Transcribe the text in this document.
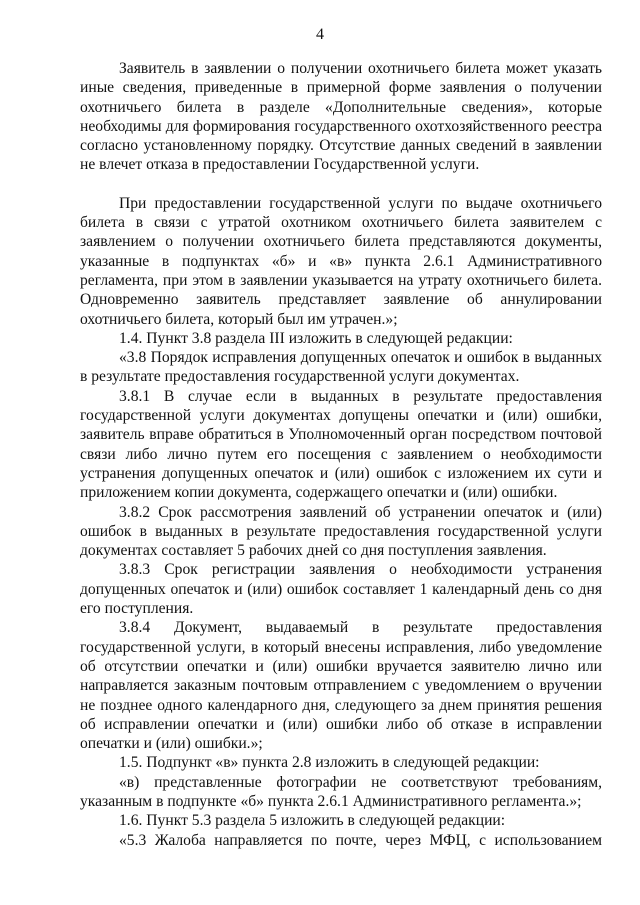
4

Заявитель в заявлении о получении охотничьего билета может указать иные сведения, приведенные в примерной форме заявления о получении охотничьего билета в разделе «Дополнительные сведения», которые необходимы для формирования государственного охотхозяйственного реестра согласно установленному порядку. Отсутствие данных сведений в заявлении не влечет отказа в предоставлении Государственной услуги.

При предоставлении государственной услуги по выдаче охотничьего билета в связи с утратой охотником охотничьего билета заявителем с заявлением о получении охотничьего билета представляются документы, указанные в подпунктах «б» и «в» пункта 2.6.1 Административного регламента, при этом в заявлении указывается на утрату охотничьего билета. Одновременно заявитель представляет заявление об аннулировании охотничьего билета, который был им утрачен.»;

1.4. Пункт 3.8 раздела III изложить в следующей редакции:

«3.8 Порядок исправления допущенных опечаток и ошибок в выданных в результате предоставления государственной услуги документах.

3.8.1 В случае если в выданных в результате предоставления государственной услуги документах допущены опечатки и (или) ошибки, заявитель вправе обратиться в Уполномоченный орган посредством почтовой связи либо лично путем его посещения с заявлением о необходимости устранения допущенных опечаток и (или) ошибок с изложением их сути и приложением копии документа, содержащего опечатки и (или) ошибки.

3.8.2 Срок рассмотрения заявлений об устранении опечаток и (или) ошибок в выданных в результате предоставления государственной услуги документах составляет 5 рабочих дней со дня поступления заявления.

3.8.3 Срок регистрации заявления о необходимости устранения допущенных опечаток и (или) ошибок составляет 1 календарный день со дня его поступления.

3.8.4 Документ, выдаваемый в результате предоставления государственной услуги, в который внесены исправления, либо уведомление об отсутствии опечатки и (или) ошибки вручается заявителю лично или направляется заказным почтовым отправлением с уведомлением о вручении не позднее одного календарного дня, следующего за днем принятия решения об исправлении опечатки и (или) ошибки либо об отказе в исправлении опечатки и (или) ошибки.»;

1.5. Подпункт «в» пункта 2.8 изложить в следующей редакции:

«в) представленные фотографии не соответствуют требованиям, указанным в подпункте «б» пункта 2.6.1 Административного регламента.»;

1.6. Пункт 5.3 раздела 5 изложить в следующей редакции:

«5.3 Жалоба направляется по почте, через МФЦ, с использованием
